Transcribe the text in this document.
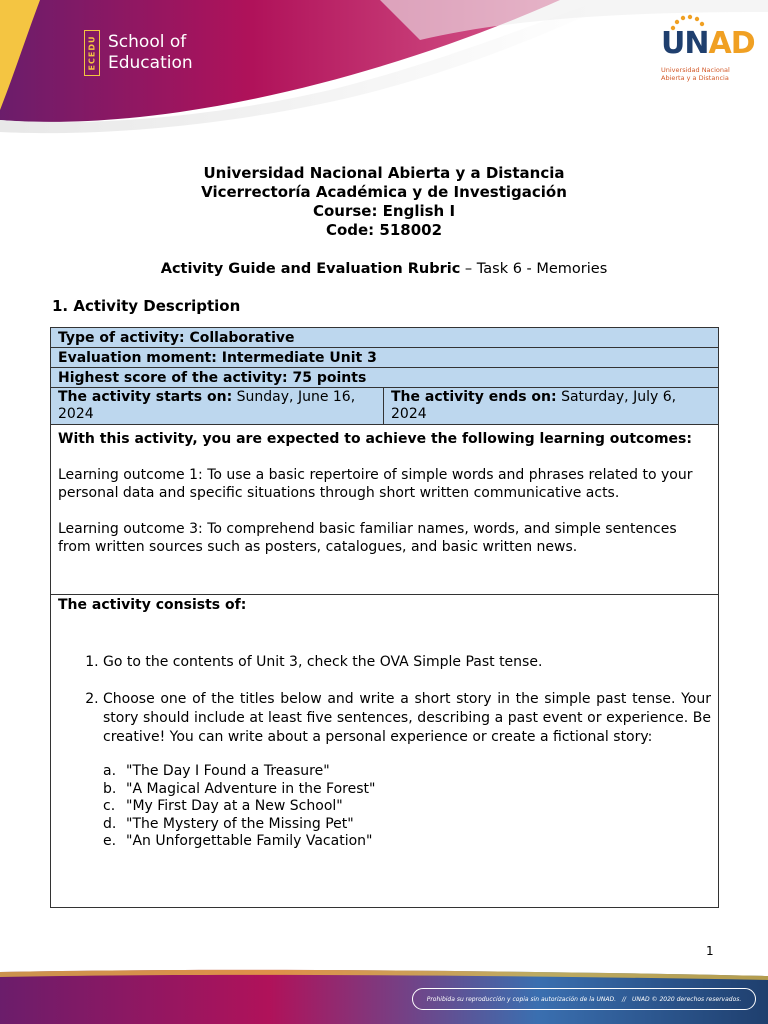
ECEDU School of
Education
UNAD
Universidad Nacional
Abierta y a Distancia
Universidad Nacional Abierta y a Distancia
Vicerrectoría Académica y de Investigación
Course: English I
Code: 518002
Activity Guide and Evaluation Rubric – Task 6 - Memories
1. Activity Description
Type of activity: Collaborative
Evaluation moment: Intermediate Unit 3
Highest score of the activity: 75 points
The activity starts on: Sunday, June 16, 2024
The activity ends on: Saturday, July 6, 2024
With this activity, you are expected to achieve the following learning outcomes:

Learning outcome 1: To use a basic repertoire of simple words and phrases related to your personal data and specific situations through short written communicative acts.

Learning outcome 3: To comprehend basic familiar names, words, and simple sentences from written sources such as posters, catalogues, and basic written news.

The activity consists of:
1. Go to the contents of Unit 3, check the OVA Simple Past tense.
2. Choose one of the titles below and write a short story in the simple past tense. Your story should include at least five sentences, describing a past event or experience. Be creative! You can write about a personal experience or create a fictional story:
a. "The Day I Found a Treasure"
b. "A Magical Adventure in the Forest"
c. "My First Day at a New School"
d. "The Mystery of the Missing Pet"
e. "An Unforgettable Family Vacation"
1
Prohibida su reproducción y copia sin autorización de la UNAD. // UNAD © 2020 derechos reservados.
